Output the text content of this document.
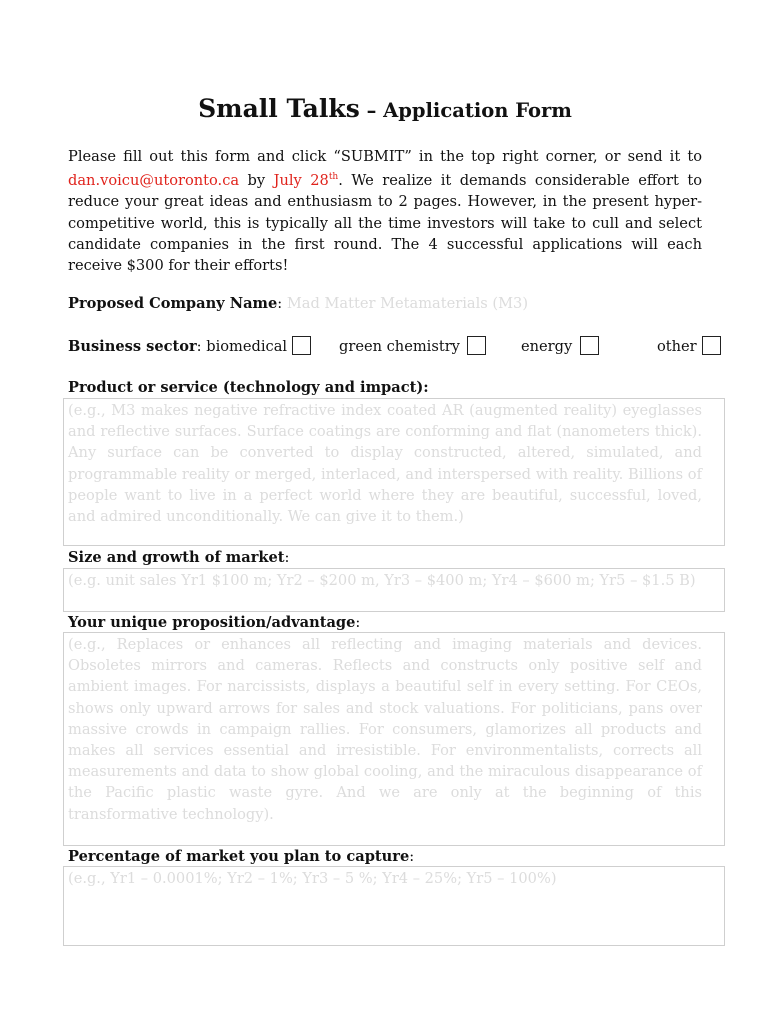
Small Talks – Application Form
Please fill out this form and click “SUBMIT” in the top right corner, or send it to dan.voicu@utoronto.ca by July 28th. We realize it demands considerable effort to reduce your great ideas and enthusiasm to 2 pages. However, in the present hyper-competitive world, this is typically all the time investors will take to cull and select candidate companies in the first round. The 4 successful applications will each receive $300 for their efforts!
Proposed Company Name: Mad Matter Metamaterials (M3)
Business sector: biomedical	green chemistry	energy	other
Product or service (technology and impact):
(e.g., M3 makes negative refractive index coated AR (augmented reality) eyeglasses and reflective surfaces. Surface coatings are conforming and flat (nanometers thick). Any surface can be converted to display constructed, altered, simulated, and programmable reality or merged, interlaced, and interspersed with reality. Billions of people want to live in a perfect world where they are beautiful, successful, loved, and admired unconditionally. We can give it to them.)
Size and growth of market:
(e.g. unit sales Yr1 $100 m; Yr2 – $200 m, Yr3 – $400 m; Yr4 – $600 m; Yr5 – $1.5 B)
Your unique proposition/advantage:
(e.g., Replaces or enhances all reflecting and imaging materials and devices. Obsoletes mirrors and cameras. Reflects and constructs only positive self and ambient images. For narcissists, displays a beautiful self in every setting. For CEOs, shows only upward arrows for sales and stock valuations. For politicians, pans over massive crowds in campaign rallies. For consumers, glamorizes all products and makes all services essential and irresistible. For environmentalists, corrects all measurements and data to show global cooling, and the miraculous disappearance of the Pacific plastic waste gyre. And we are only at the beginning of this transformative technology).
Percentage of market you plan to capture:
(e.g., Yr1 – 0.0001%; Yr2 – 1%; Yr3 – 5 %; Yr4 – 25%; Yr5 – 100%)
